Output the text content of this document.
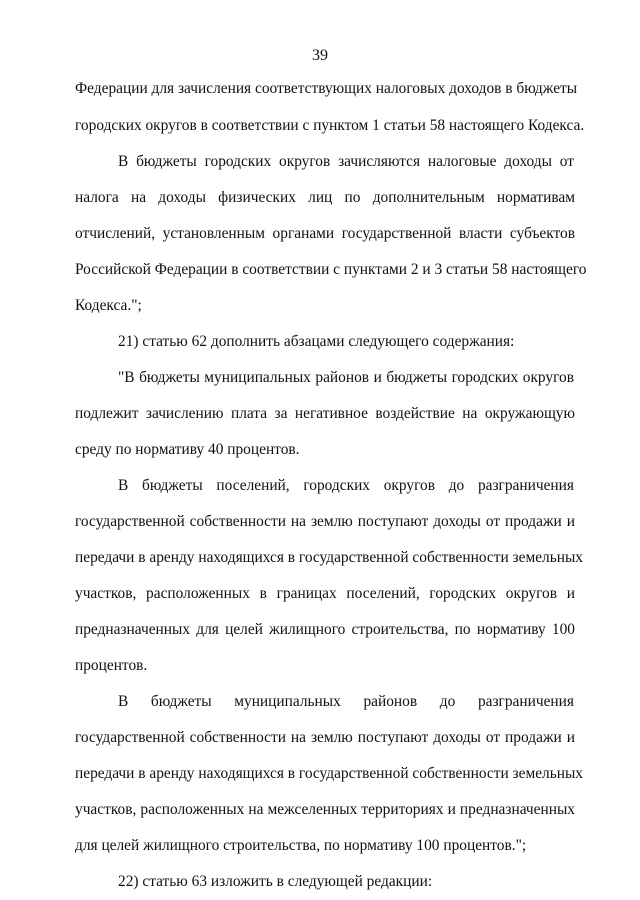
39
Федерации для зачисления соответствующих налоговых доходов в бюджеты
городских округов в соответствии с пунктом 1 статьи 58 настоящего Кодекса.
В бюджеты городских округов зачисляются налоговые доходы от
налога на доходы физических лиц по дополнительным нормативам
отчислений, установленным органами государственной власти субъектов
Российской Федерации в соответствии с пунктами 2 и 3 статьи 58 настоящего
Кодекса.";
21) статью 62 дополнить абзацами следующего содержания:
"В бюджеты муниципальных районов и бюджеты городских округов
подлежит зачислению плата за негативное воздействие на окружающую
среду по нормативу 40 процентов.
В бюджеты поселений, городских округов до разграничения
государственной собственности на землю поступают доходы от продажи и
передачи в аренду находящихся в государственной собственности земельных
участков, расположенных в границах поселений, городских округов и
предназначенных для целей жилищного строительства, по нормативу 100
процентов.
В бюджеты муниципальных районов до разграничения
государственной собственности на землю поступают доходы от продажи и
передачи в аренду находящихся в государственной собственности земельных
участков, расположенных на межселенных территориях и предназначенных
для целей жилищного строительства, по нормативу 100 процентов.";
22) статью 63 изложить в следующей редакции:
